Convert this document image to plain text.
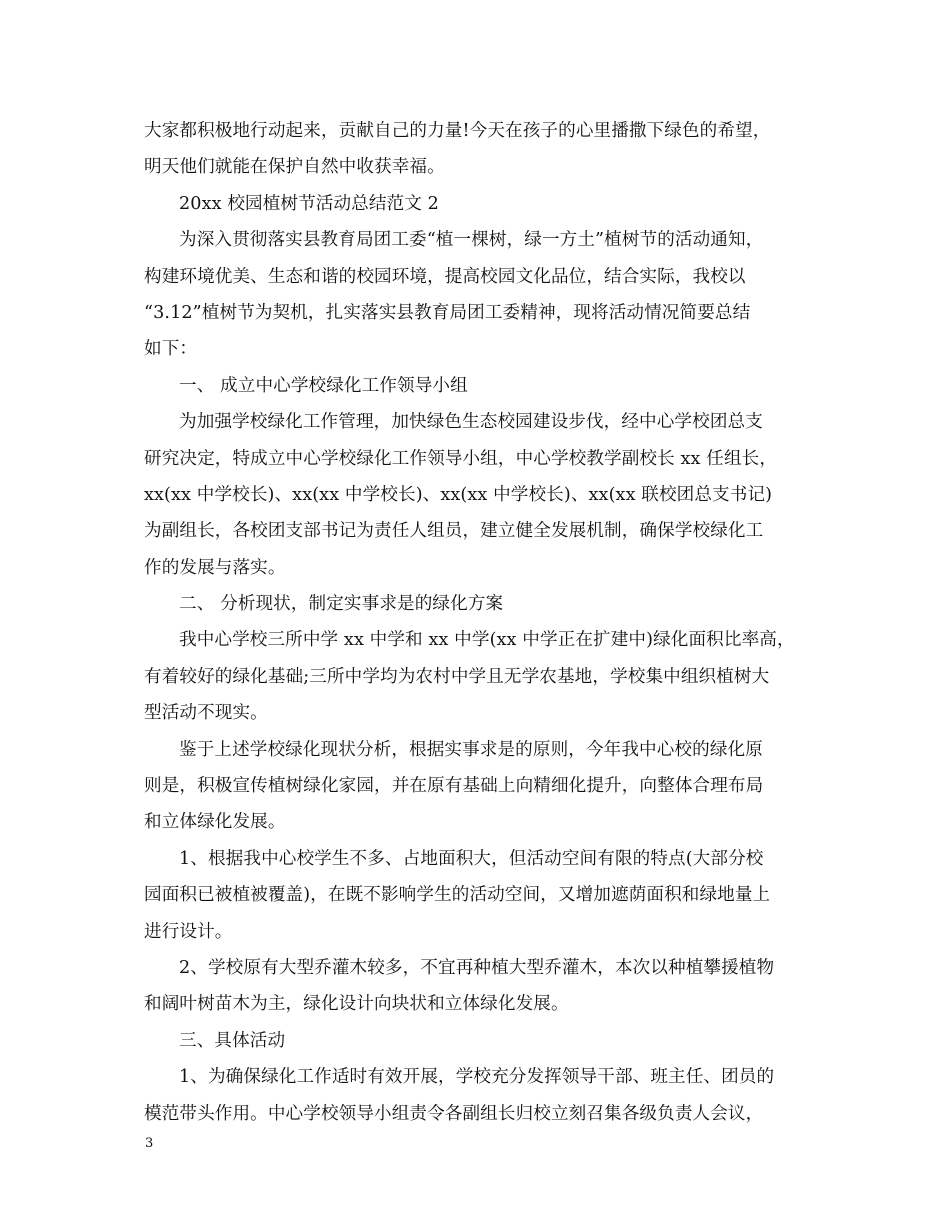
大家都积极地行动起来，贡献自己的力量!今天在孩子的心里播撒下绿色的希望，
明天他们就能在保护自然中收获幸福。
20xx 校园植树节活动总结范文 2
为深入贯彻落实县教育局团工委“植一棵树，绿一方土”植树节的活动通知，
构建环境优美、生态和谐的校园环境，提高校园文化品位，结合实际，我校以
“3.12”植树节为契机，扎实落实县教育局团工委精神，现将活动情况简要总结
如下：
一、 成立中心学校绿化工作领导小组
为加强学校绿化工作管理，加快绿色生态校园建设步伐，经中心学校团总支
研究决定，特成立中心学校绿化工作领导小组，中心学校教学副校长 xx 任组长，
xx(xx 中学校长)、xx(xx 中学校长)、xx(xx 中学校长)、xx(xx 联校团总支书记)
为副组长，各校团支部书记为责任人组员，建立健全发展机制，确保学校绿化工
作的发展与落实。
二、 分析现状，制定实事求是的绿化方案
我中心学校三所中学 xx 中学和 xx 中学(xx 中学正在扩建中)绿化面积比率高，
有着较好的绿化基础;三所中学均为农村中学且无学农基地，学校集中组织植树大
型活动不现实。
鉴于上述学校绿化现状分析，根据实事求是的原则，今年我中心校的绿化原
则是，积极宣传植树绿化家园，并在原有基础上向精细化提升，向整体合理布局
和立体绿化发展。
1、根据我中心校学生不多、占地面积大，但活动空间有限的特点(大部分校
园面积已被植被覆盖)，在既不影响学生的活动空间，又增加遮荫面积和绿地量上
进行设计。
2、学校原有大型乔灌木较多，不宜再种植大型乔灌木，本次以种植攀援植物
和阔叶树苗木为主，绿化设计向块状和立体绿化发展。
三、具体活动
1、为确保绿化工作适时有效开展，学校充分发挥领导干部、班主任、团员的
模范带头作用。中心学校领导小组责令各副组长归校立刻召集各级负责人会议，
3
